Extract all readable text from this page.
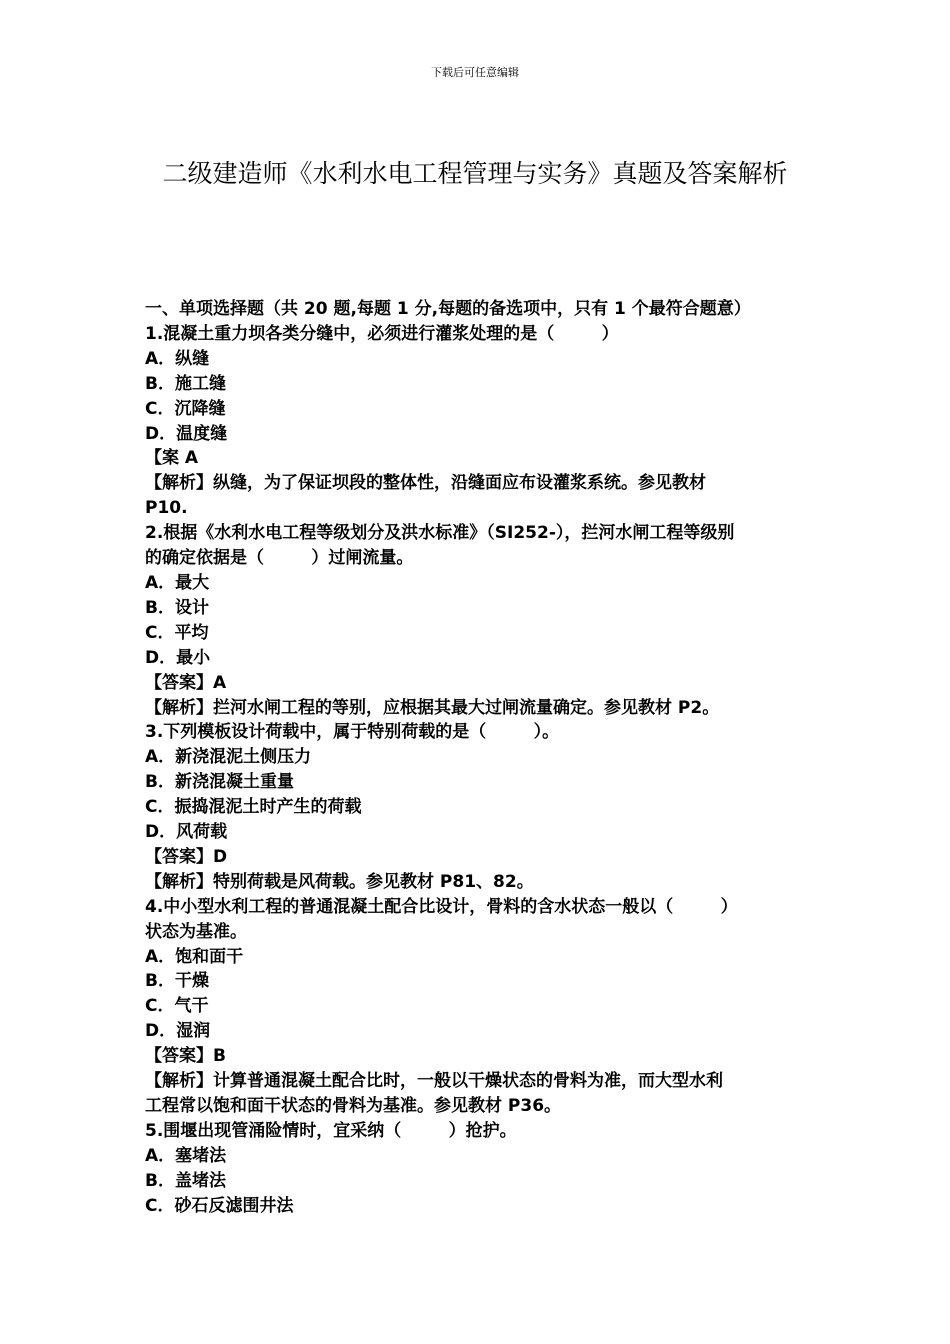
下载后可任意编辑
二级建造师《水利水电工程管理与实务》真题及答案解析
一、单项选择题（共 20 题,每题 1 分,每题的备选项中，只有 1 个最符合题意）
1.混凝土重力坝各类分缝中，必须进行灌浆处理的是（        ）
A．纵缝
B．施工缝
C．沉降缝
D．温度缝
【案 A
【解析】纵缝，为了保证坝段的整体性，沿缝面应布设灌浆系统。参见教材
P10.
2.根据《水利水电工程等级划分及洪水标准》（SI252-），拦河水闸工程等级别
的确定依据是（        ）过闸流量。
A．最大
B．设计
C．平均
D．最小
【答案】A
【解析】拦河水闸工程的等别，应根据其最大过闸流量确定。参见教材 P2。
3.下列模板设计荷载中，属于特别荷载的是（        ）。
A．新浇混泥土侧压力
B．新浇混凝土重量
C．振捣混泥土时产生的荷载
D．风荷载
【答案】D
【解析】特别荷载是风荷载。参见教材 P81、82。
4.中小型水利工程的普通混凝土配合比设计，骨料的含水状态一般以（        ）
状态为基准。
A．饱和面干
B．干燥
C．气干
D．湿润
【答案】B
【解析】计算普通混凝土配合比时，一般以干燥状态的骨料为准，而大型水利
工程常以饱和面干状态的骨料为基准。参见教材 P36。
5.围堰出现管涌险情时，宜采纳（        ）抢护。
A．塞堵法
B．盖堵法
C．砂石反滤围井法
